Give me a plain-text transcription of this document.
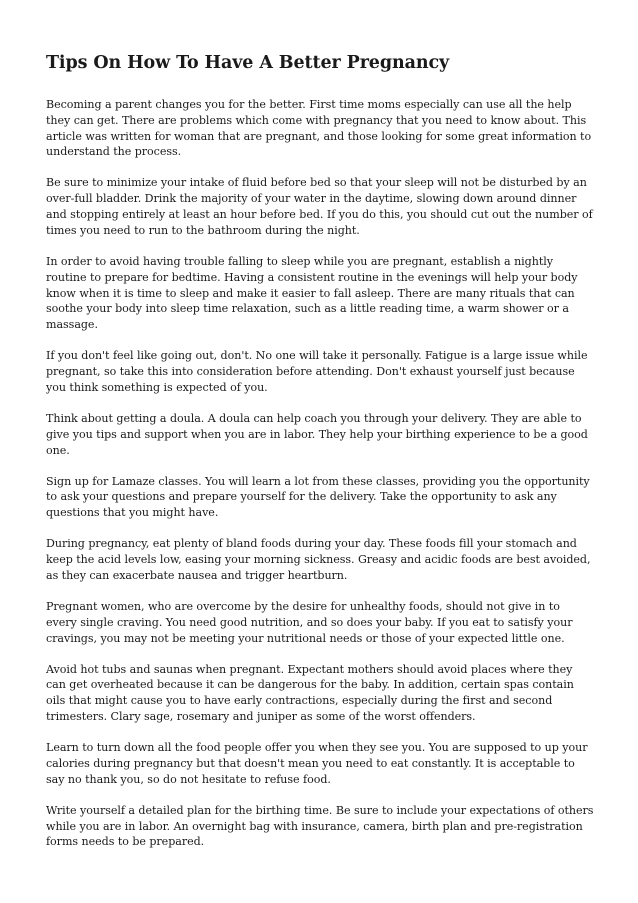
Tips On How To Have A Better Pregnancy

Becoming a parent changes you for the better. First time moms especially can use all the help they can get. There are problems which come with pregnancy that you need to know about. This article was written for woman that are pregnant, and those looking for some great information to understand the process.

Be sure to minimize your intake of fluid before bed so that your sleep will not be disturbed by an over-full bladder. Drink the majority of your water in the daytime, slowing down around dinner and stopping entirely at least an hour before bed. If you do this, you should cut out the number of times you need to run to the bathroom during the night.

In order to avoid having trouble falling to sleep while you are pregnant, establish a nightly routine to prepare for bedtime. Having a consistent routine in the evenings will help your body know when it is time to sleep and make it easier to fall asleep. There are many rituals that can soothe your body into sleep time relaxation, such as a little reading time, a warm shower or a massage.

If you don't feel like going out, don't. No one will take it personally. Fatigue is a large issue while pregnant, so take this into consideration before attending. Don't exhaust yourself just because you think something is expected of you.

Think about getting a doula. A doula can help coach you through your delivery. They are able to give you tips and support when you are in labor. They help your birthing experience to be a good one.

Sign up for Lamaze classes. You will learn a lot from these classes, providing you the opportunity to ask your questions and prepare yourself for the delivery. Take the opportunity to ask any questions that you might have.

During pregnancy, eat plenty of bland foods during your day. These foods fill your stomach and keep the acid levels low, easing your morning sickness. Greasy and acidic foods are best avoided, as they can exacerbate nausea and trigger heartburn.

Pregnant women, who are overcome by the desire for unhealthy foods, should not give in to every single craving. You need good nutrition, and so does your baby. If you eat to satisfy your cravings, you may not be meeting your nutritional needs or those of your expected little one.

Avoid hot tubs and saunas when pregnant. Expectant mothers should avoid places where they can get overheated because it can be dangerous for the baby. In addition, certain spas contain oils that might cause you to have early contractions, especially during the first and second trimesters. Clary sage, rosemary and juniper as some of the worst offenders.

Learn to turn down all the food people offer you when they see you. You are supposed to up your calories during pregnancy but that doesn't mean you need to eat constantly. It is acceptable to say no thank you, so do not hesitate to refuse food.

Write yourself a detailed plan for the birthing time. Be sure to include your expectations of others while you are in labor. An overnight bag with insurance, camera, birth plan and pre-registration forms needs to be prepared.
